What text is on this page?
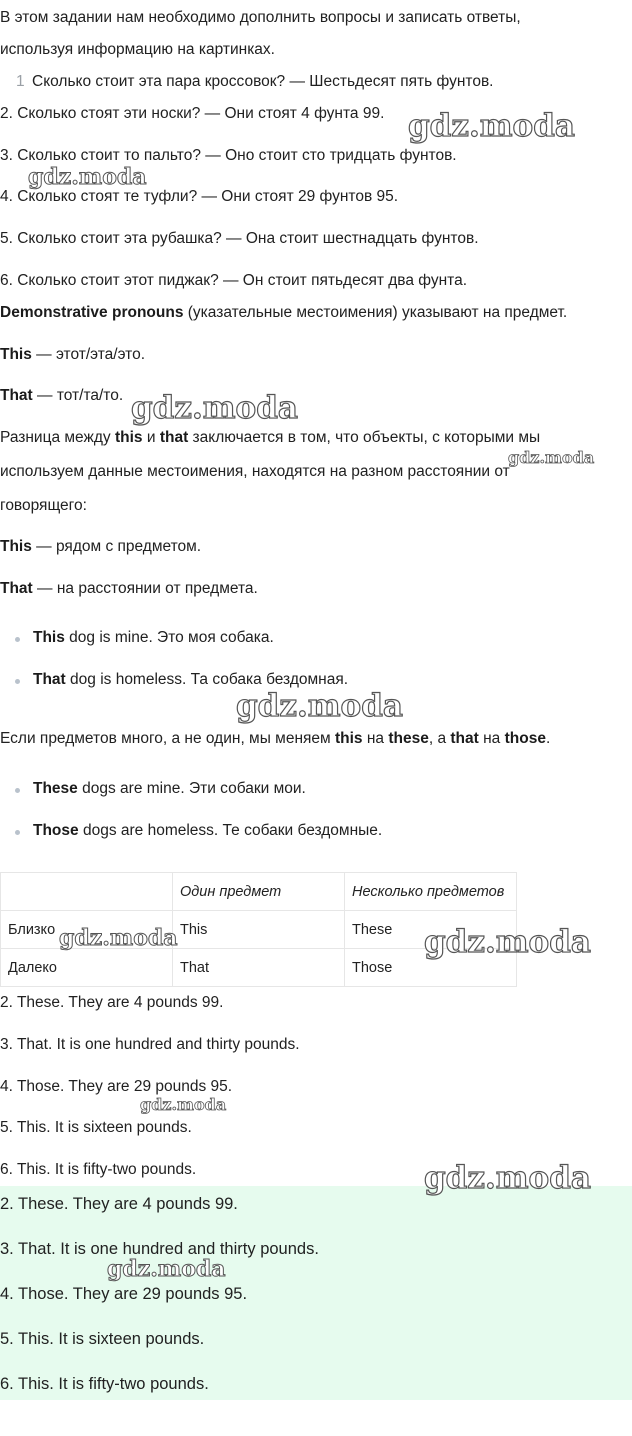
В этом задании нам необходимо дополнить вопросы и записать ответы,
используя информацию на картинках.
1 Сколько стоит эта пара кроссовок? — Шестьдесят пять фунтов.
2. Сколько стоят эти носки? — Они стоят 4 фунта 99.
3. Сколько стоит то пальто? — Оно стоит сто тридцать фунтов.
4. Сколько стоят те туфли? — Они стоят 29 фунтов 95.
5. Сколько стоит эта рубашка? — Она стоит шестнадцать фунтов.
6. Сколько стоит этот пиджак? — Он стоит пятьдесят два фунта.
Demonstrative pronouns (указательные местоимения) указывают на предмет.
This — этот/эта/это.
That — тот/та/то.
Разница между this и that заключается в том, что объекты, с которыми мы
используем данные местоимения, находятся на разном расстоянии от
говорящего:
This — рядом с предметом.
That — на расстоянии от предмета.
This dog is mine. Это моя собака.
That dog is homeless. Та собака бездомная.
Если предметов много, а не один, мы меняем this на these, а that на those.
These dogs are mine. Эти собаки мои.
Those dogs are homeless. Те собаки бездомные.
	Один предмет	Несколько предметов
Близко	This	These
Далеко	That	Those
2. These. They are 4 pounds 99.
3. That. It is one hundred and thirty pounds.
4. Those. They are 29 pounds 95.
5. This. It is sixteen pounds.
6. This. It is fifty-two pounds.
2. These. They are 4 pounds 99.
3. That. It is one hundred and thirty pounds.
4. Those. They are 29 pounds 95.
5. This. It is sixteen pounds.
6. This. It is fifty-two pounds.
gdz.moda
gdz.moda
gdz.moda
gdz.moda
gdz.moda
gdz.moda	gdz.moda
gdz.moda
gdz.moda
gdz.moda
